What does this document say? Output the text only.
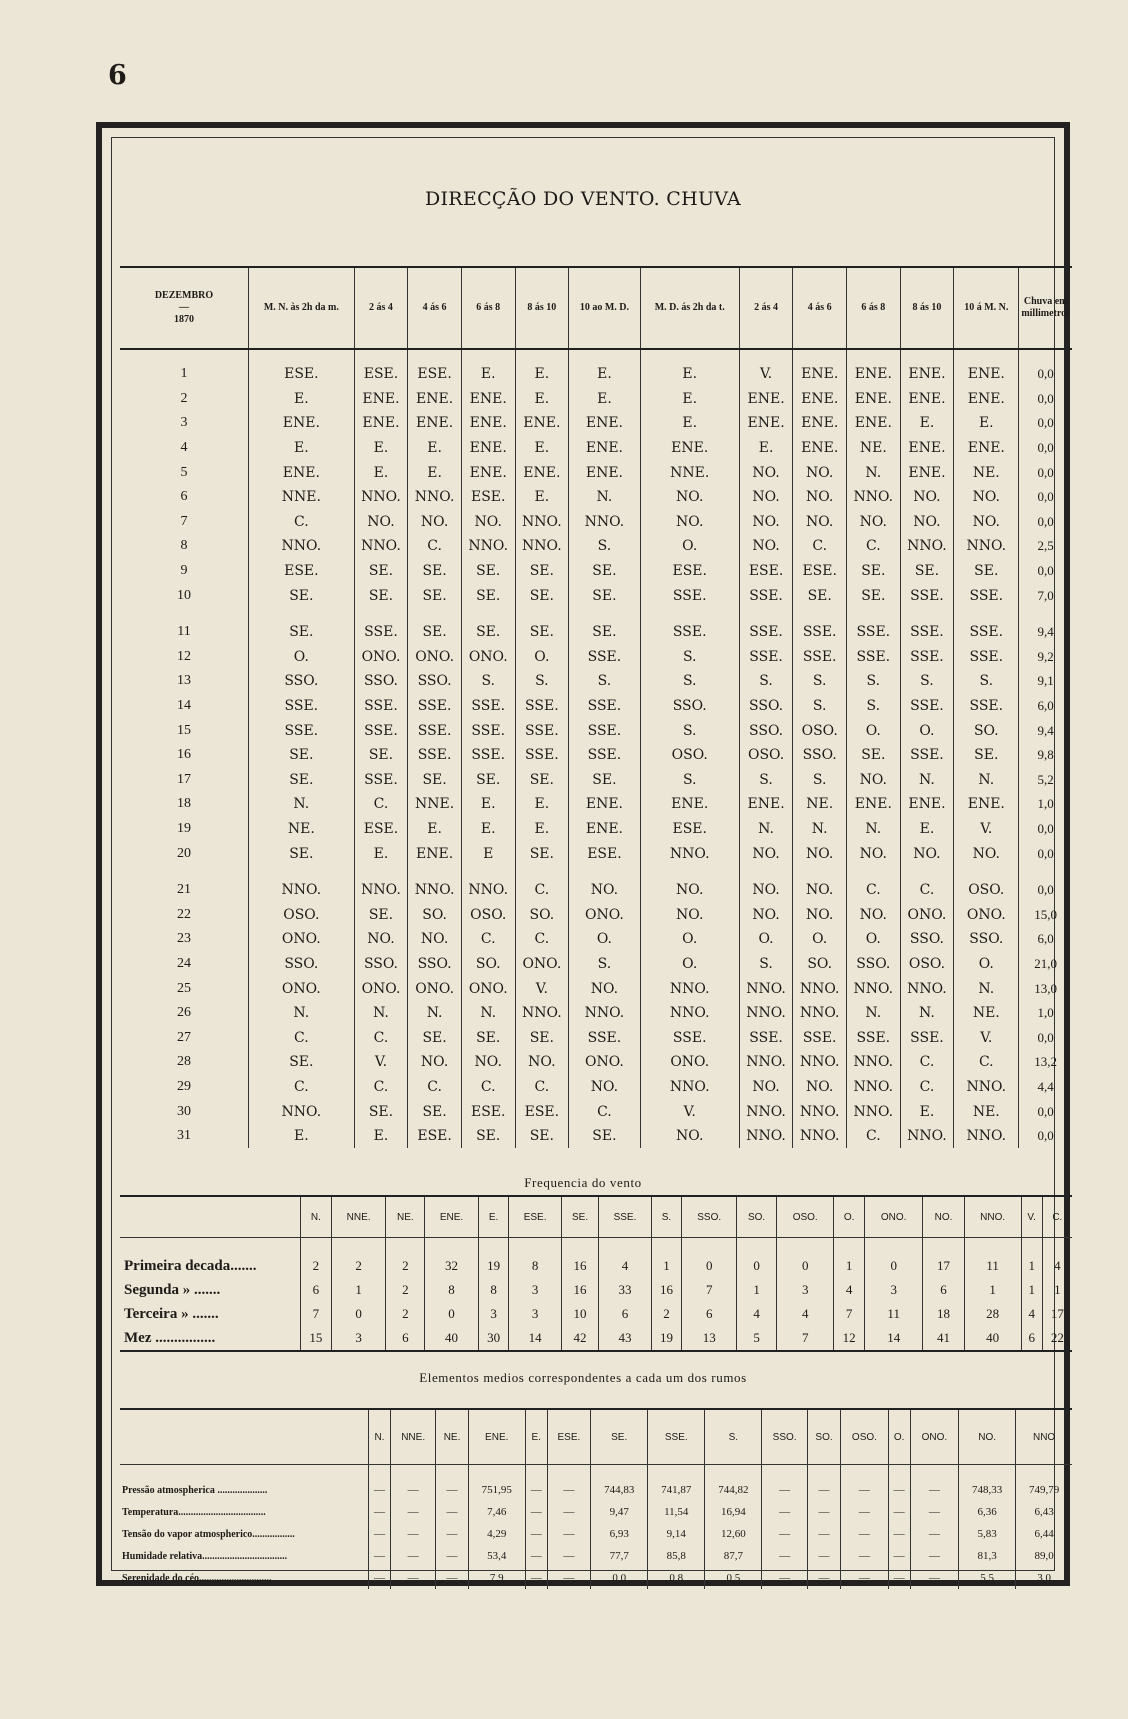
6
DIRECÇÃO DO VENTO. CHUVA
DEZEMBRO
—
1870	M. N. às 2h da m.	2 ás 4	4 ás 6	6 ás 8	8 ás 10	10 ao M. D.	M. D. ás 2h da t.	2 ás 4	4 ás 6	6 ás 8	8 ás 10	10 á M. N.	Chuva em millimetros
1	ESE.	ESE.	ESE.	E.	E.	E.	E.	V.	ENE.	ENE.	ENE.	ENE.	0,0
2	E.	ENE.	ENE.	ENE.	E.	E.	E.	ENE.	ENE.	ENE.	ENE.	ENE.	0,0
3	ENE.	ENE.	ENE.	ENE.	ENE.	ENE.	E.	ENE.	ENE.	ENE.	E.	E.	0,0
4	E.	E.	E.	ENE.	E.	ENE.	ENE.	E.	ENE.	NE.	ENE.	ENE.	0,0
5	ENE.	E.	E.	ENE.	ENE.	ENE.	NNE.	NO.	NO.	N.	ENE.	NE.	0,0
6	NNE.	NNO.	NNO.	ESE.	E.	N.	NO.	NO.	NO.	NNO.	NO.	NO.	0,0
7	C.	NO.	NO.	NO.	NNO.	NNO.	NO.	NO.	NO.	NO.	NO.	NO.	0,0
8	NNO.	NNO.	C.	NNO.	NNO.	S.	O.	NO.	C.	C.	NNO.	NNO.	2,5
9	ESE.	SE.	SE.	SE.	SE.	SE.	ESE.	ESE.	ESE.	SE.	SE.	SE.	0,0
10	SE.	SE.	SE.	SE.	SE.	SE.	SSE.	SSE.	SE.	SE.	SSE.	SSE.	7,0
11	SE.	SSE.	SE.	SE.	SE.	SE.	SSE.	SSE.	SSE.	SSE.	SSE.	SSE.	9,4
12	O.	ONO.	ONO.	ONO.	O.	SSE.	S.	SSE.	SSE.	SSE.	SSE.	SSE.	9,2
13	SSO.	SSO.	SSO.	S.	S.	S.	S.	S.	S.	S.	S.	S.	9,1
14	SSE.	SSE.	SSE.	SSE.	SSE.	SSE.	SSO.	SSO.	S.	S.	SSE.	SSE.	6,0
15	SSE.	SSE.	SSE.	SSE.	SSE.	SSE.	S.	SSO.	OSO.	O.	O.	SO.	9,4
16	SE.	SE.	SSE.	SSE.	SSE.	SSE.	OSO.	OSO.	SSO.	SE.	SSE.	SE.	9,8
17	SE.	SSE.	SE.	SE.	SE.	SE.	S.	S.	S.	NO.	N.	N.	5,2
18	N.	C.	NNE.	E.	E.	ENE.	ENE.	ENE.	NE.	ENE.	ENE.	ENE.	1,0
19	NE.	ESE.	E.	E.	E.	ENE.	ESE.	N.	N.	N.	E.	V.	0,0
20	SE.	E.	ENE.	E	SE.	ESE.	NNO.	NO.	NO.	NO.	NO.	NO.	0,0
21	NNO.	NNO.	NNO.	NNO.	C.	NO.	NO.	NO.	NO.	C.	C.	OSO.	0,0
22	OSO.	SE.	SO.	OSO.	SO.	ONO.	NO.	NO.	NO.	NO.	ONO.	ONO.	15,0
23	ONO.	NO.	NO.	C.	C.	O.	O.	O.	O.	O.	SSO.	SSO.	6,0
24	SSO.	SSO.	SSO.	SO.	ONO.	S.	O.	S.	SO.	SSO.	OSO.	O.	21,0
25	ONO.	ONO.	ONO.	ONO.	V.	NO.	NNO.	NNO.	NNO.	NNO.	NNO.	N.	13,0
26	N.	N.	N.	N.	NNO.	NNO.	NNO.	NNO.	NNO.	N.	N.	NE.	1,0
27	C.	C.	SE.	SE.	SE.	SSE.	SSE.	SSE.	SSE.	SSE.	SSE.	V.	0,0
28	SE.	V.	NO.	NO.	NO.	ONO.	ONO.	NNO.	NNO.	NNO.	C.	C.	13,2
29	C.	C.	C.	C.	C.	NO.	NNO.	NO.	NO.	NNO.	C.	NNO.	4,4
30	NNO.	SE.	SE.	ESE.	ESE.	C.	V.	NNO.	NNO.	NNO.	E.	NE.	0,0
31	E.	E.	ESE.	SE.	SE.	SE.	NO.	NNO.	NNO.	C.	NNO.	NNO.	0,0
Frequencia do vento
	N.	NNE.	NE.	ENE.	E.	ESE.	SE.	SSE.	S.	SSO.	SO.	OSO.	O.	ONO.	NO.	NNO.	V.	C.
Primeira decada.......	2	2	2	32	19	8	16	4	1	0	0	0	1	0	17	11	1	4
Segunda » .......	6	1	2	8	8	3	16	33	16	7	1	3	4	3	6	1	1	1
Terceira » .......	7	0	2	0	3	3	10	6	2	6	4	4	7	11	18	28	4	17
Mez ................	15	3	6	40	30	14	42	43	19	13	5	7	12	14	41	40	6	22
Elementos medios correspondentes a cada um dos rumos
	N.	NNE.	NE.	ENE.	E.	ESE.	SE.	SSE.	S.	SSO.	SO.	OSO.	O.	ONO.	NO.	NNO
Pressão atmospherica ....................	—	—	—	751,95	—	—	744,83	741,87	744,82	—	—	—	—	—	748,33	749,79
Temperatura...................................	—	—	—	7,46	—	—	9,47	11,54	16,94	—	—	—	—	—	6,36	6,43
Tensão do vapor atmospherico.................	—	—	—	4,29	—	—	6,93	9,14	12,60	—	—	—	—	—	5,83	6,44
Humidade relativa..................................	—	—	—	53,4	—	—	77,7	85,8	87,7	—	—	—	—	—	81,3	89,0
Serenidade do céo.............................	—	—	—	7,9	—	—	0,0	0,8	0,5	—	—	—	—	—	5,5	3,0
